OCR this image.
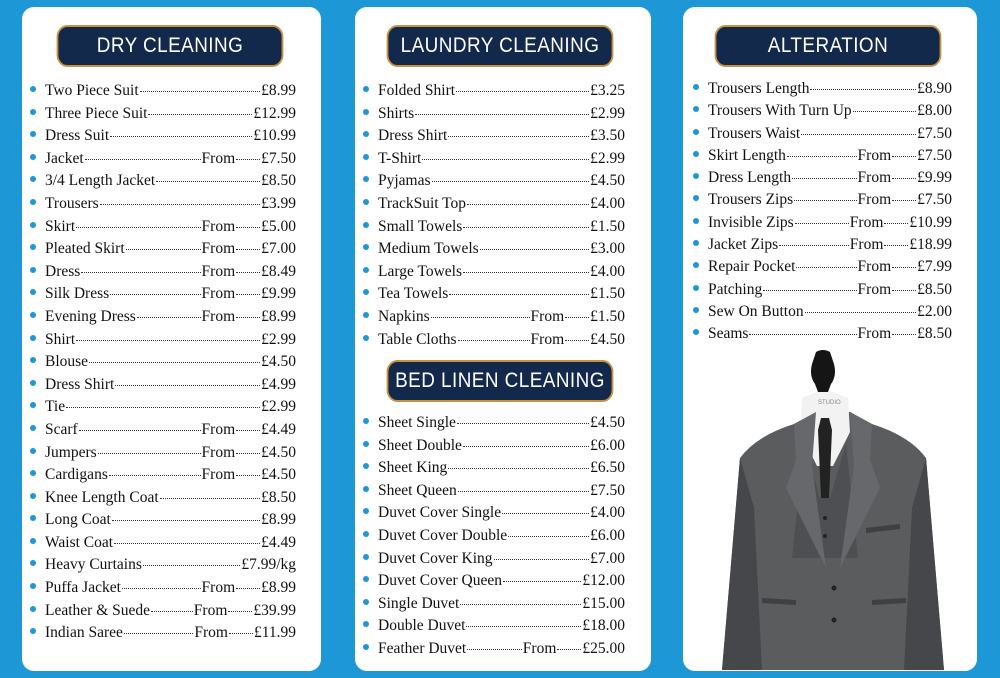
DRY CLEANING	LAUNDRY CLEANING	ALTERATION
BED LINEN CLEANING
Two Piece Suit	£8.99
Three Piece Suit	£12.99
Dress Suit	£10.99
Jacket	From £7.50
3/4 Length Jacket	£8.50
Trousers	£3.99
Skirt	From £5.00
Pleated Skirt	From £7.00
Dress	From £8.49
Silk Dress	From £9.99
Evening Dress	From £8.99
Shirt	£2.99
Blouse	£4.50
Dress Shirt	£4.99
Tie	£2.99
Scarf	From £4.49
Jumpers	From £4.50
Cardigans	From £4.50
Knee Length Coat	£8.50
Long Coat	£8.99
Waist Coat	£4.49
Heavy Curtains	£7.99/kg
Puffa Jacket	From £8.99
Leather & Suede	From £39.99
Indian Saree	From £11.99
Folded Shirt	£3.25
Shirts	£2.99
Dress Shirt	£3.50
T-Shirt	£2.99
Pyjamas	£4.50
TrackSuit Top	£4.00
Small Towels	£1.50
Medium Towels	£3.00
Large Towels	£4.00
Tea Towels	£1.50
Napkins	From £1.50
Table Cloths	From £4.50
Sheet Single	£4.50
Sheet Double	£6.00
Sheet King	£6.50
Sheet Queen	£7.50
Duvet Cover Single	£4.00
Duvet Cover Double	£6.00
Duvet Cover King	£7.00
Duvet Cover Queen	£12.00
Single Duvet	£15.00
Double Duvet	£18.00
Feather Duvet	From £25.00
Trousers Length	£8.90
Trousers With Turn Up	£8.00
Trousers Waist	£7.50
Skirt Length	From £7.50
Dress Length	From £9.99
Trousers Zips	From £7.50
Invisible Zips	From £10.99
Jacket Zips	From £18.99
Repair Pocket	From £7.99
Patching	From £8.50
Sew On Button	£2.00
Seams	From £8.50
STUDIO
